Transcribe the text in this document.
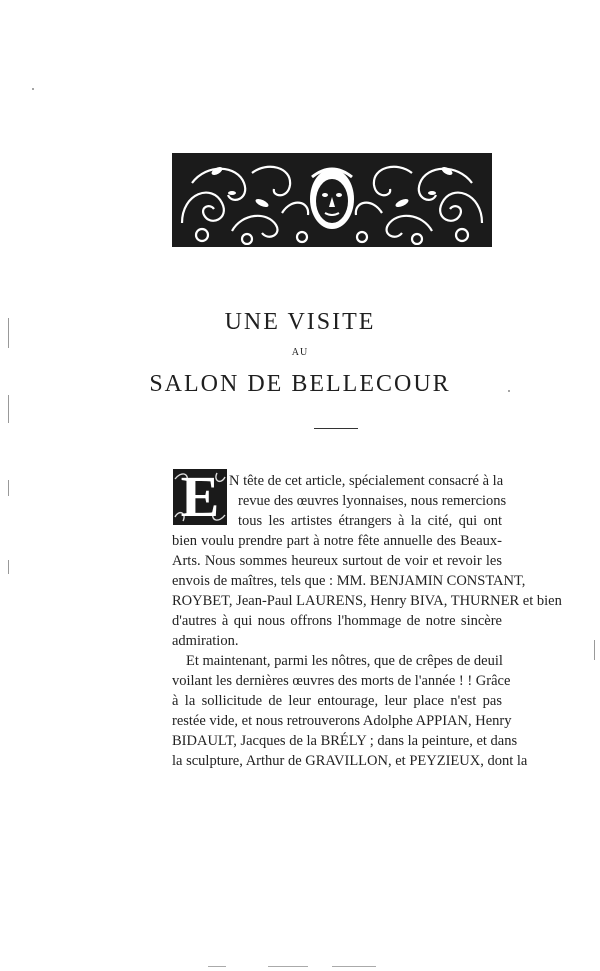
UNE VISITE
AU
SALON DE BELLECOUR
E N tête de cet article, spécialement consacré à la
revue des œuvres lyonnaises, nous remercions
tous les artistes étrangers à la cité, qui ont
bien voulu prendre part à notre fête annuelle des Beaux-
Arts. Nous sommes heureux surtout de voir et revoir les
envois de maîtres, tels que : MM. BENJAMIN CONSTANT,
ROYBET, Jean-Paul LAURENS, Henry BIVA, THURNER et bien
d'autres à qui nous offrons l'hommage de notre sincère
admiration.
Et maintenant, parmi les nôtres, que de crêpes de deuil
voilant les dernières œuvres des morts de l'année ! ! Grâce
à la sollicitude de leur entourage, leur place n'est pas
restée vide, et nous retrouverons Adolphe APPIAN, Henry
BIDAULT, Jacques de la BRÉLY ; dans la peinture, et dans
la sculpture, Arthur de GRAVILLON, et PEYZIEUX, dont la
